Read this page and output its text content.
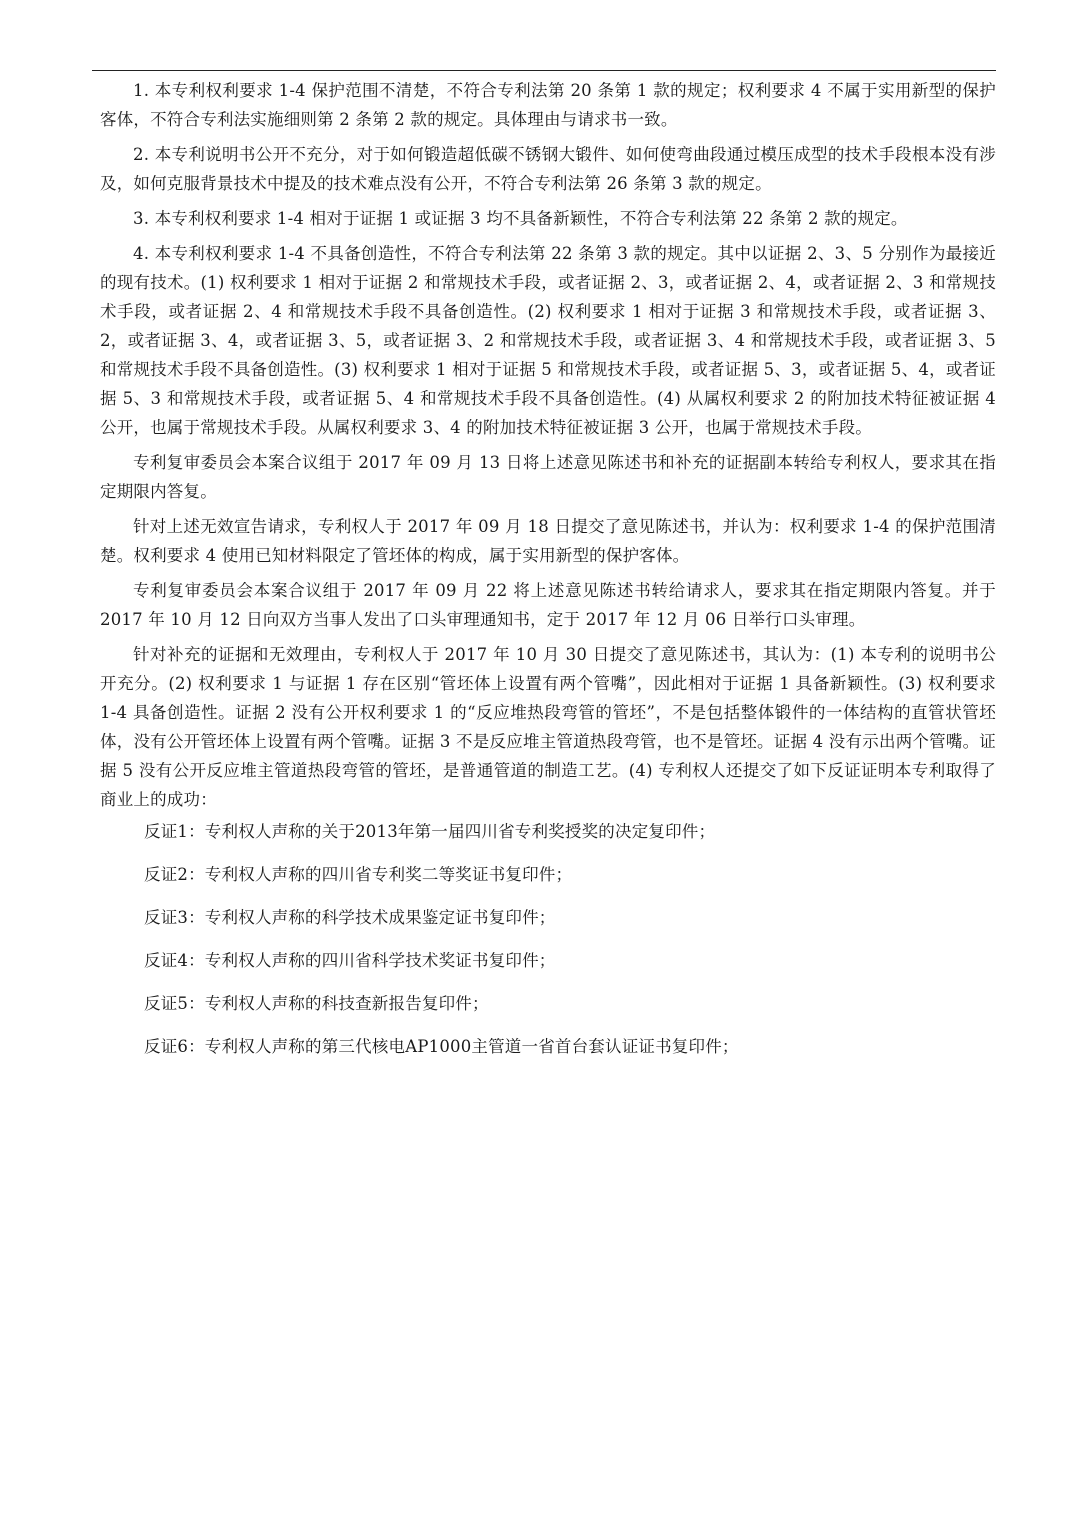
1. 本专利权利要求 1-4 保护范围不清楚，不符合专利法第 20 条第 1 款的规定；权利要求 4 不属于实用新型的保护客体，不符合专利法实施细则第 2 条第 2 款的规定。具体理由与请求书一致。

2. 本专利说明书公开不充分，对于如何锻造超低碳不锈钢大锻件、如何使弯曲段通过模压成型的技术手段根本没有涉及，如何克服背景技术中提及的技术难点没有公开，不符合专利法第 26 条第 3 款的规定。

3. 本专利权利要求 1-4 相对于证据 1 或证据 3 均不具备新颖性，不符合专利法第 22 条第 2 款的规定。

4. 本专利权利要求 1-4 不具备创造性，不符合专利法第 22 条第 3 款的规定。其中以证据 2、3、5 分别作为最接近的现有技术。(1) 权利要求 1 相对于证据 2 和常规技术手段，或者证据 2、3，或者证据 2、4，或者证据 2、3 和常规技术手段，或者证据 2、4 和常规技术手段不具备创造性。(2) 权利要求 1 相对于证据 3 和常规技术手段，或者证据 3、2，或者证据 3、4，或者证据 3、5，或者证据 3、2 和常规技术手段，或者证据 3、4 和常规技术手段，或者证据 3、5 和常规技术手段不具备创造性。(3) 权利要求 1 相对于证据 5 和常规技术手段，或者证据 5、3，或者证据 5、4，或者证据 5、3 和常规技术手段，或者证据 5、4 和常规技术手段不具备创造性。(4) 从属权利要求 2 的附加技术特征被证据 4 公开，也属于常规技术手段。从属权利要求 3、4 的附加技术特征被证据 3 公开，也属于常规技术手段。

专利复审委员会本案合议组于 2017 年 09 月 13 日将上述意见陈述书和补充的证据副本转给专利权人，要求其在指定期限内答复。

针对上述无效宣告请求，专利权人于 2017 年 09 月 18 日提交了意见陈述书，并认为：权利要求 1-4 的保护范围清楚。权利要求 4 使用已知材料限定了管坯体的构成，属于实用新型的保护客体。

专利复审委员会本案合议组于 2017 年 09 月 22 将上述意见陈述书转给请求人，要求其在指定期限内答复。并于 2017 年 10 月 12 日向双方当事人发出了口头审理通知书，定于 2017 年 12 月 06 日举行口头审理。

针对补充的证据和无效理由，专利权人于 2017 年 10 月 30 日提交了意见陈述书，其认为：(1) 本专利的说明书公开充分。(2) 权利要求 1 与证据 1 存在区别“管坯体上设置有两个管嘴”，因此相对于证据 1 具备新颖性。(3) 权利要求 1-4 具备创造性。证据 2 没有公开权利要求 1 的“反应堆热段弯管的管坯”，不是包括整体锻件的一体结构的直管状管坯体，没有公开管坯体上设置有两个管嘴。证据 3 不是反应堆主管道热段弯管，也不是管坯。证据 4 没有示出两个管嘴。证据 5 没有公开反应堆主管道热段弯管的管坯，是普通管道的制造工艺。(4) 专利权人还提交了如下反证证明本专利取得了商业上的成功：

反证1：专利权人声称的关于2013年第一届四川省专利奖授奖的决定复印件；
反证2：专利权人声称的四川省专利奖二等奖证书复印件；
反证3：专利权人声称的科学技术成果鉴定证书复印件；
反证4：专利权人声称的四川省科学技术奖证书复印件；
反证5：专利权人声称的科技查新报告复印件；
反证6：专利权人声称的第三代核电AP1000主管道一省首台套认证证书复印件；
